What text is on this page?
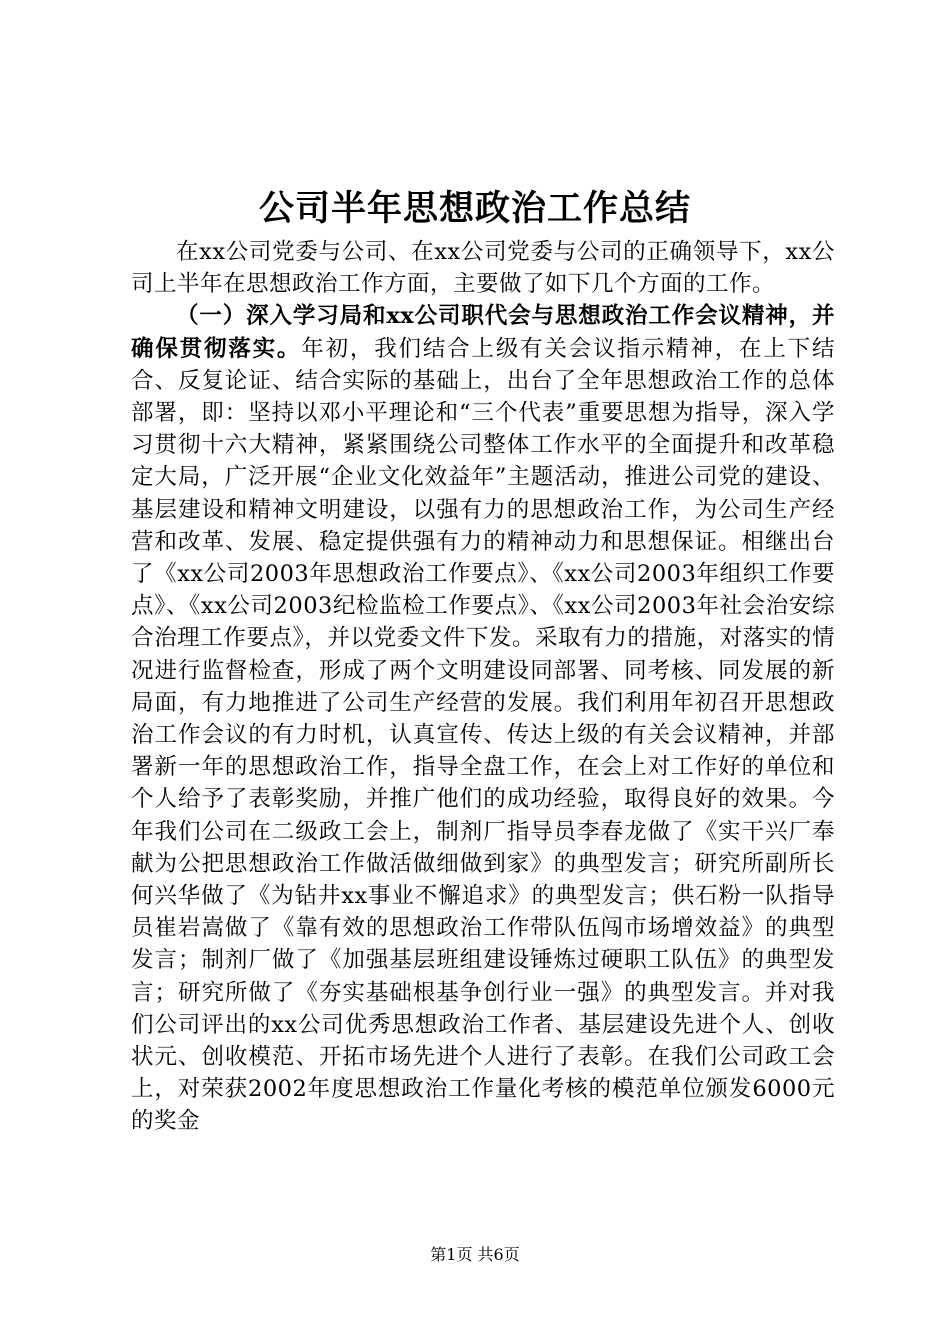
公司半年思想政治工作总结

在xx公司党委与公司、在xx公司党委与公司的正确领导下，xx公司上半年在思想政治工作方面，主要做了如下几个方面的工作。

（一）深入学习局和xx公司职代会与思想政治工作会议精神，并确保贯彻落实。年初，我们结合上级有关会议指示精神，在上下结合、反复论证、结合实际的基础上，出台了全年思想政治工作的总体部署，即：坚持以邓小平理论和“三个代表”重要思想为指导，深入学习贯彻十六大精神，紧紧围绕公司整体工作水平的全面提升和改革稳定大局，广泛开展“企业文化效益年”主题活动，推进公司党的建设、基层建设和精神文明建设，以强有力的思想政治工作，为公司生产经营和改革、发展、稳定提供强有力的精神动力和思想保证。相继出台了《xx公司2003年思想政治工作要点》、《xx公司2003年组织工作要点》、《xx公司2003纪检监检工作要点》、《xx公司2003年社会治安综合治理工作要点》，并以党委文件下发。采取有力的措施，对落实的情况进行监督检查，形成了两个文明建设同部署、同考核、同发展的新局面，有力地推进了公司生产经营的发展。我们利用年初召开思想政治工作会议的有力时机，认真宣传、传达上级的有关会议精神，并部署新一年的思想政治工作，指导全盘工作，在会上对工作好的单位和个人给予了表彰奖励，并推广他们的成功经验，取得良好的效果。今年我们公司在二级政工会上，制剂厂指导员李春龙做了《实干兴厂奉献为公把思想政治工作做活做细做到家》的典型发言；研究所副所长何兴华做了《为钻井xx事业不懈追求》的典型发言；供石粉一队指导员崔岩嵩做了《靠有效的思想政治工作带队伍闯市场增效益》的典型发言；制剂厂做了《加强基层班组建设锤炼过硬职工队伍》的典型发言；研究所做了《夯实基础根基争创行业一强》的典型发言。并对我们公司评出的xx公司优秀思想政治工作者、基层建设先进个人、创收状元、创收模范、开拓市场先进个人进行了表彰。在我们公司政工会上，对荣获2002年度思想政治工作量化考核的模范单位颁发6000元的奖金

第1页 共6页
